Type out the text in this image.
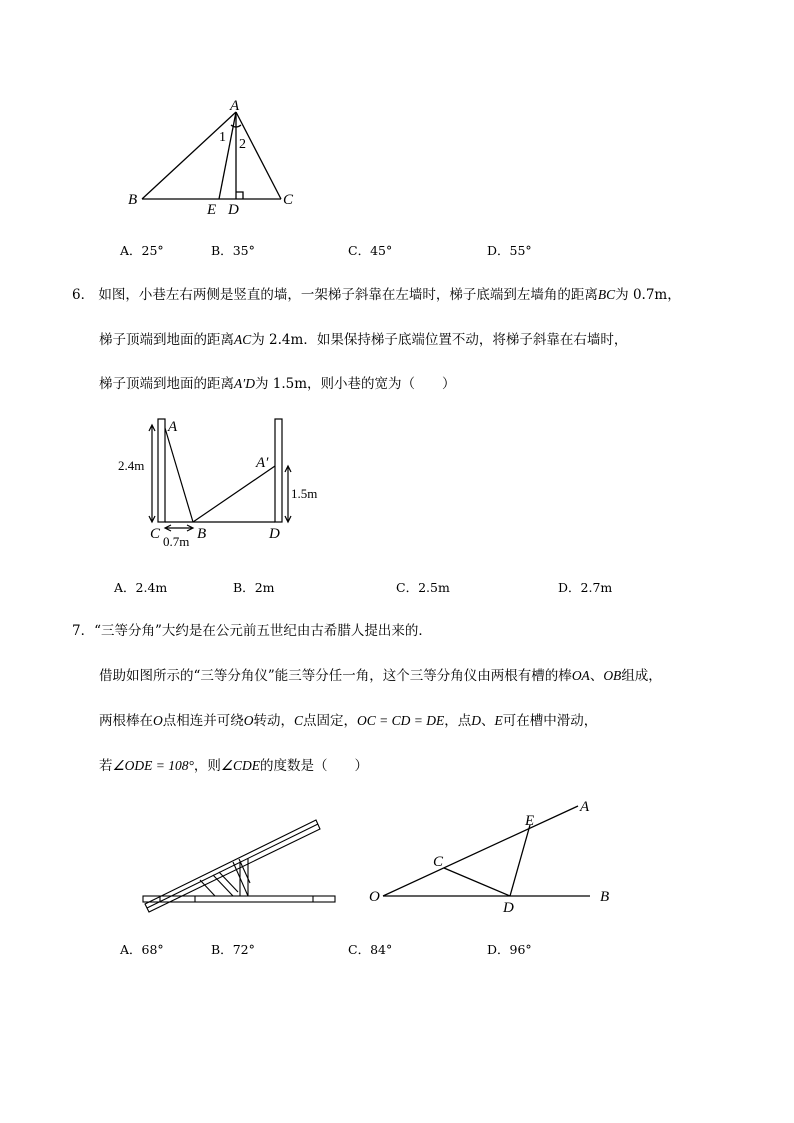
A
B	C
E D
1 2
A．25°	B．35°	C．45°	D．55°
6． 如图，小巷左右两侧是竖直的墙，一架梯子斜靠在左墙时，梯子底端到左墙角的距离BC为 0.7m，
梯子顶端到地面的距离AC为 2.4m．如果保持梯子底端位置不动，将梯子斜靠在右墙时，
梯子顶端到地面的距离A′D为 1.5m，则小巷的宽为（　　）
A
A′
C B	D
2.4m
0.7m
1.5m
A．2.4m	B．2m	C．2.5m	D．2.7m
7．“三等分角”大约是在公元前五世纪由古希腊人提出来的．
借助如图所示的“三等分角仪”能三等分任一角，这个三等分角仪由两根有槽的棒OA、OB组成，
两根棒在O点相连并可绕O转动，C点固定，OC = CD = DE，点D、E可在槽中滑动，
若∠ODE = 108°，则∠CDE的度数是（　　）
O
A
B
C
D
E
A．68°	B．72°	C．84°	D．96°
